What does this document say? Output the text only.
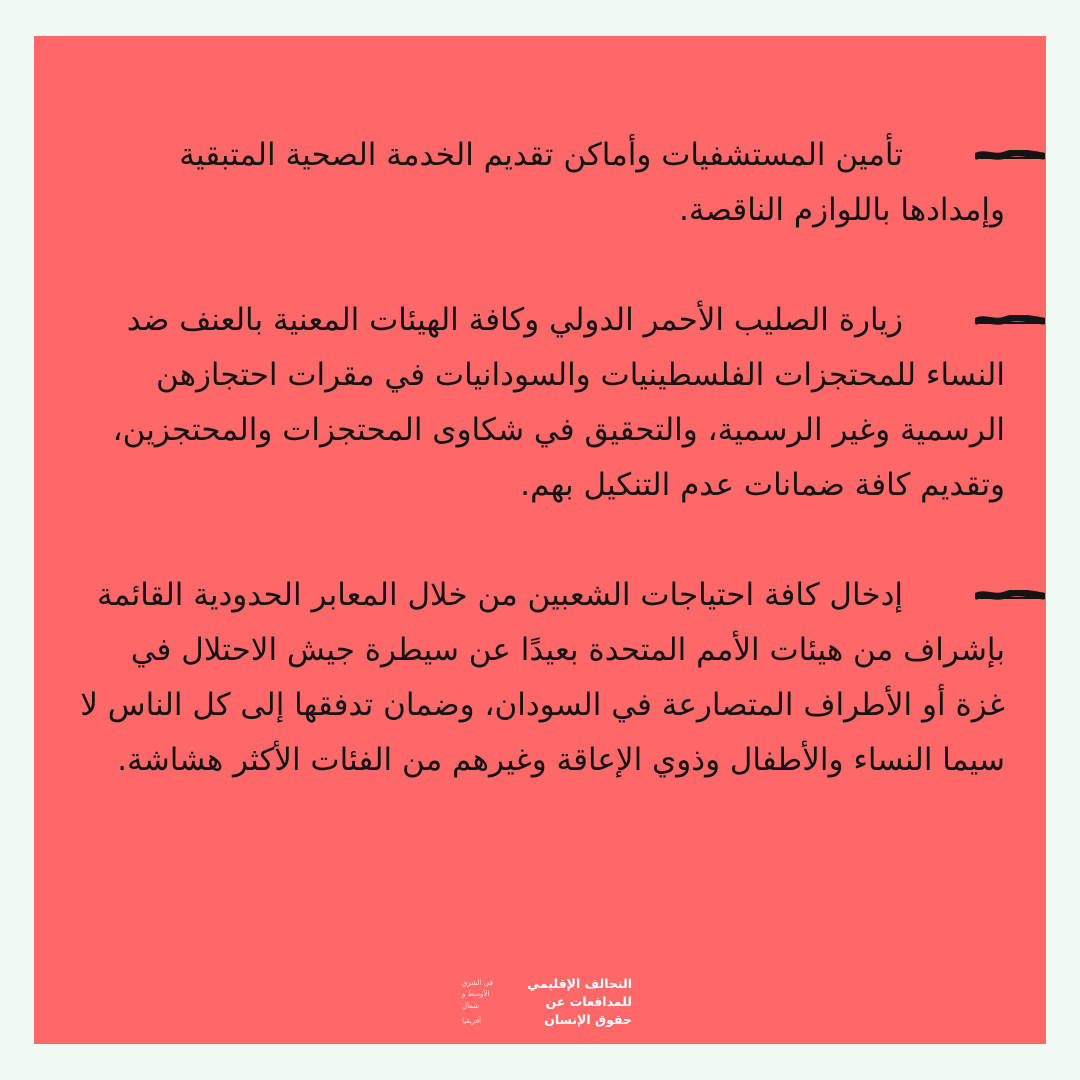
تأمين المستشفيات وأماكن تقديم الخدمة الصحية المتبقية وإمدادها باللوازم الناقصة.
زيارة الصليب الأحمر الدولي وكافة الهيئات المعنية بالعنف ضد النساء للمحتجزات الفلسطينيات والسودانيات في مقرات احتجازهن الرسمية وغير الرسمية، والتحقيق في شكاوى المحتجزات والمحتجزين، وتقديم كافة ضمانات عدم التنكيل بهم.
إدخال كافة احتياجات الشعبين من خلال المعابر الحدودية القائمة بإشراف من هيئات الأمم المتحدة بعيدًا عن سيطرة جيش الاحتلال في غزة أو الأطراف المتصارعة في السودان، وضمان تدفقها إلى كل الناس لا سيما النساء والأطفال وذوي الإعاقة وغيرهم من الفئات الأكثر هشاشة.
التحالف الإقليمي
للمدافعات عن
حقوق الإنسان
في الشرق
الأوسط و
شمال
أفريقيا
